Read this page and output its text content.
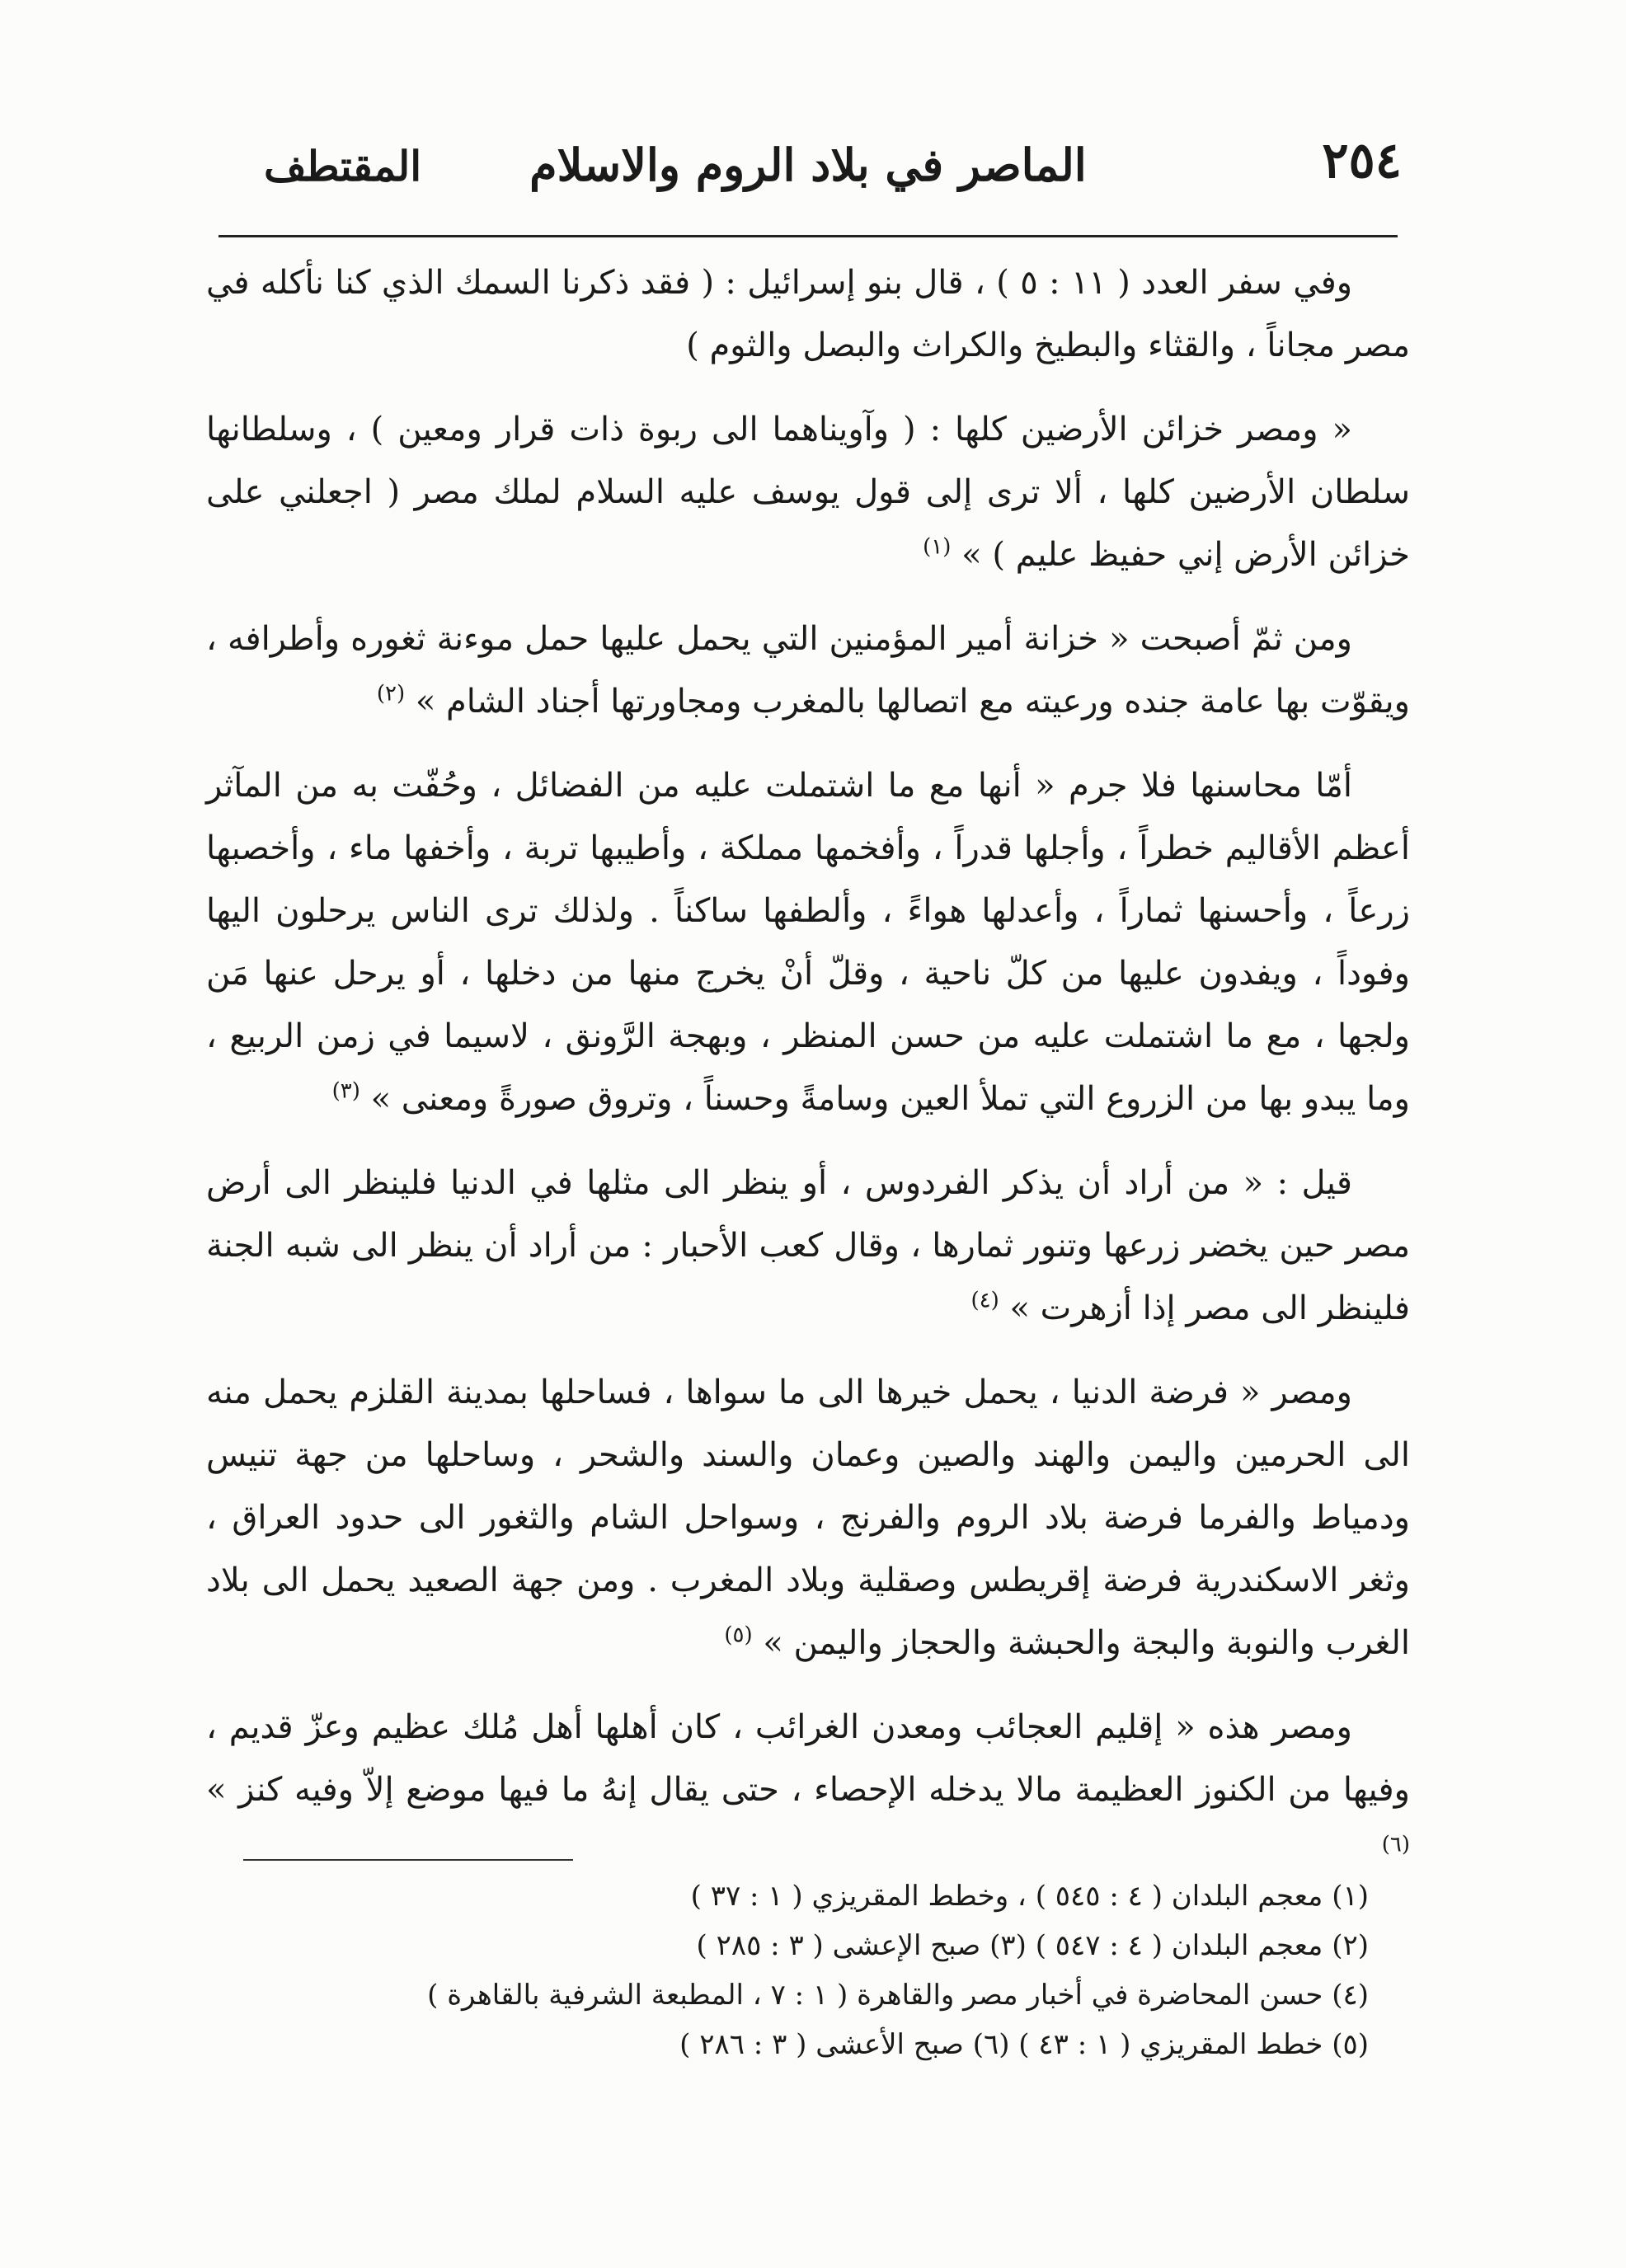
٢٥٤
الماصر في بلاد الروم والاسلام
المقتطف

وفي سفر العدد ( ١١ : ٥ ) ، قال بنو إسرائيل : ( فقد ذكرنا السمك الذي كنا نأكله في مصر مجاناً ، والقثاء والبطيخ والكراث والبصل والثوم )

« ومصر خزائن الأرضين كلها : ( وآويناهما الى ربوة ذات قرار ومعين ) ، وسلطانها سلطان الأرضين كلها ، ألا ترى إلى قول يوسف عليه السلام لملك مصر ( اجعلني على خزائن الأرض إني حفيظ عليم ) » $^{(١)}$

ومن ثمّ أصبحت « خزانة أمير المؤمنين التي يحمل عليها حمل موءنة ثغوره وأطرافه ، ويقوّت بها عامة جنده ورعيته مع اتصالها بالمغرب ومجاورتها أجناد الشام » $^{(٢)}$

أمّا محاسنها فلا جرم « أنها مع ما اشتملت عليه من الفضائل ، وحُفّت به من المآثر أعظم الأقاليم خطراً ، وأجلها قدراً ، وأفخمها مملكة ، وأطيبها تربة ، وأخفها ماء ، وأخصبها زرعاً ، وأحسنها ثماراً ، وأعدلها هواءً ، وألطفها ساكناً . ولذلك ترى الناس يرحلون اليها وفوداً ، ويفدون عليها من كلّ ناحية ، وقلّ أنْ يخرج منها من دخلها ، أو يرحل عنها مَن ولجها ، مع ما اشتملت عليه من حسن المنظر ، وبهجة الرَّونق ، لاسيما في زمن الربيع ، وما يبدو بها من الزروع التي تملأ العين وسامةً وحسناً ، وتروق صورةً ومعنى » $^{(٣)}$

قيل : « من أراد أن يذكر الفردوس ، أو ينظر الى مثلها في الدنيا فلينظر الى أرض مصر حين يخضر زرعها وتنور ثمارها ، وقال كعب الأحبار : من أراد أن ينظر الى شبه الجنة فلينظر الى مصر إذا أزهرت » $^{(٤)}$

ومصر « فرضة الدنيا ، يحمل خيرها الى ما سواها ، فساحلها بمدينة القلزم يحمل منه الى الحرمين واليمن والهند والصين وعمان والسند والشحر ، وساحلها من جهة تنيس ودمياط والفرما فرضة بلاد الروم والفرنج ، وسواحل الشام والثغور الى حدود العراق ، وثغر الاسكندرية فرضة إقريطس وصقلية وبلاد المغرب . ومن جهة الصعيد يحمل الى بلاد الغرب والنوبة والبجة والحبشة والحجاز واليمن » $^{(٥)}$

ومصر هذه « إقليم العجائب ومعدن الغرائب ، كان أهلها أهل مُلك عظيم وعزّ قديم ، وفيها من الكنوز العظيمة مالا يدخله الإحصاء ، حتى يقال إنهُ ما فيها موضع إلاّ وفيه كنز » $^{(٦)}$

(١) معجم البلدان ( ٤ : ٥٤٥ ) ، وخطط المقريزي ( ١ : ٣٧ )

(٢) معجم البلدان ( ٤ : ٥٤٧ ) (٣) صبح الإعشى ( ٣ : ٢٨٥ )

(٤) حسن المحاضرة في أخبار مصر والقاهرة ( ١ : ٧ ، المطبعة الشرفية بالقاهرة )

(٥) خطط المقريزي ( ١ : ٤٣ ) (٦) صبح الأعشى ( ٣ : ٢٨٦ )
